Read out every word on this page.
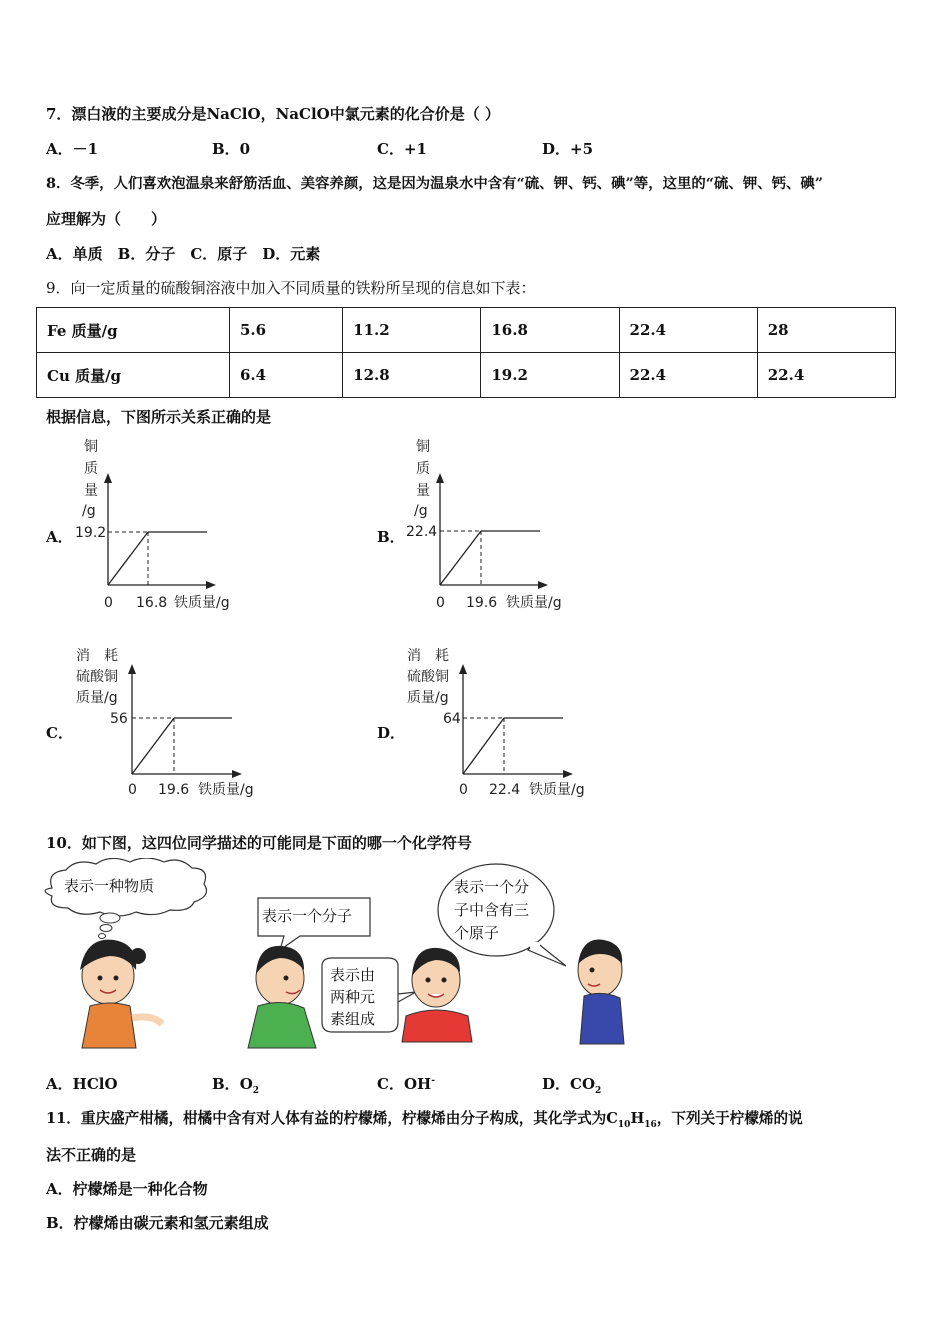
7．漂白液的主要成分是NaClO，NaClO中氯元素的化合价是（ ）
A．－1	B．0	C．+1	D．+5
8．冬季，人们喜欢泡温泉来舒筋活血、美容养颜，这是因为温泉水中含有“硫、钾、钙、碘”等，这里的“硫、钾、钙、碘”
应理解为（　　）
A．单质　B．分子　C．原子　D．元素
9．向一定质量的硫酸铜溶液中加入不同质量的铁粉所呈现的信息如下表：
Fe 质量/g	5.6	11.2	16.8	22.4	28
Cu 质量/g	6.4	12.8	19.2	22.4	22.4
根据信息，下图所示关系正确的是
A．
铜
质
量
/g
19.2
0 16.8 铁质量/g
B．
铜
质
量
/g
22.4
0 19.6 铁质量/g
C．
消　耗
硫酸铜
质量/g
56
0 19.6 铁质量/g
D．
消　耗
硫酸铜
质量/g
64
0 22.4 铁质量/g
10．如下图，这四位同学描述的可能同是下面的哪一个化学符号
表示一种物质
表示一个分子
表示由
两种元
素组成
表示一个分
子中含有三
个原子
A．HClO	B．$O_2$	C．OH-	D．$CO_2$
11．重庆盛产柑橘，柑橘中含有对人体有益的柠檬烯，柠檬烯由分子构成，其化学式为$C_{10}H_{16}$，下列关于柠檬烯的说
法不正确的是
A．柠檬烯是一种化合物
B．柠檬烯由碳元素和氢元素组成
